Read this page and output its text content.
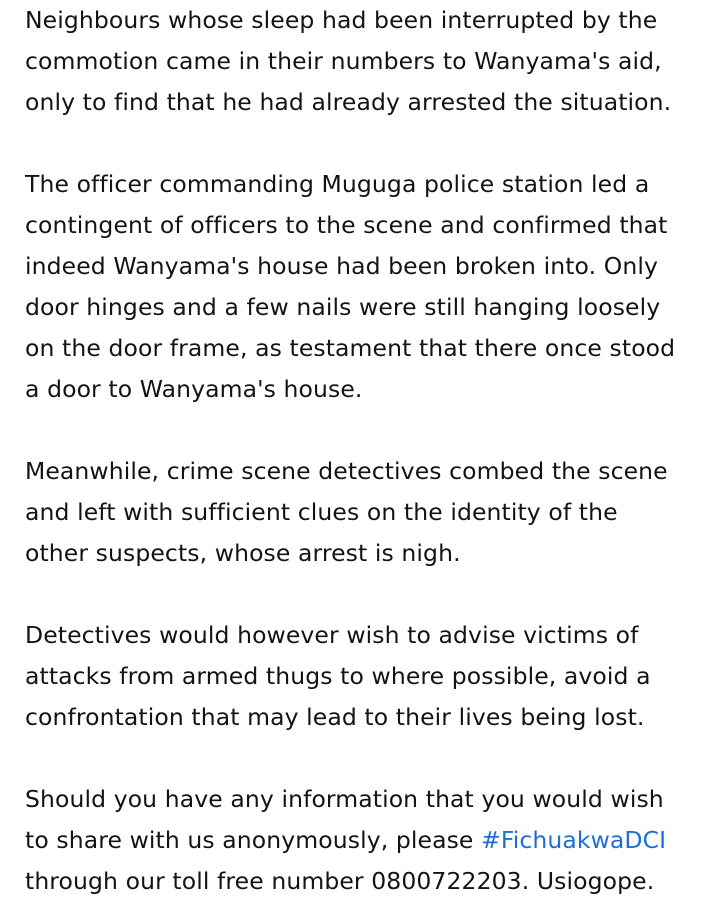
Neighbours whose sleep had been interrupted by the
commotion came in their numbers to Wanyama's aid,
only to find that he had already arrested the situation.

The officer commanding Muguga police station led a
contingent of officers to the scene and confirmed that
indeed Wanyama's house had been broken into. Only
door hinges and a few nails were still hanging loosely
on the door frame, as testament that there once stood
a door to Wanyama's house.

Meanwhile, crime scene detectives combed the scene
and left with sufficient clues on the identity of the
other suspects, whose arrest is nigh.

Detectives would however wish to advise victims of
attacks from armed thugs to where possible, avoid a
confrontation that may lead to their lives being lost.

Should you have any information that you would wish
to share with us anonymously, please #FichuakwaDCI
through our toll free number 0800722203. Usiogope.
